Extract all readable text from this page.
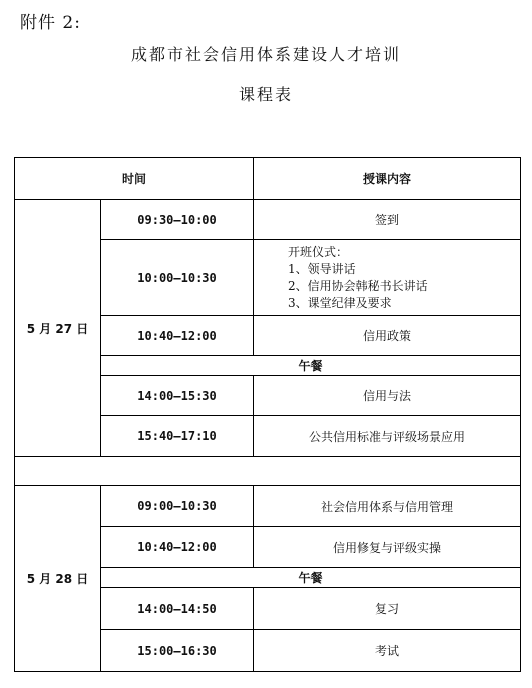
附件 2:
成都市社会信用体系建设人才培训
课程表
时间		授课内容
5 月 27 日	09:30—10:00	签到
	10:00—10:30	开班仪式：
1、领导讲话
2、信用协会韩秘书长讲话
3、课堂纪律及要求

	10:40—12:00	信用政策
	午餐	
	14:00—15:30	信用与法
	15:40—17:10	公共信用标准与评级场景应用

5 月 28 日	09:00—10:30	社会信用体系与信用管理
	10:40—12:00	信用修复与评级实操
	午餐	
	14:00—14:50	复习
	15:00—16:30	考试
